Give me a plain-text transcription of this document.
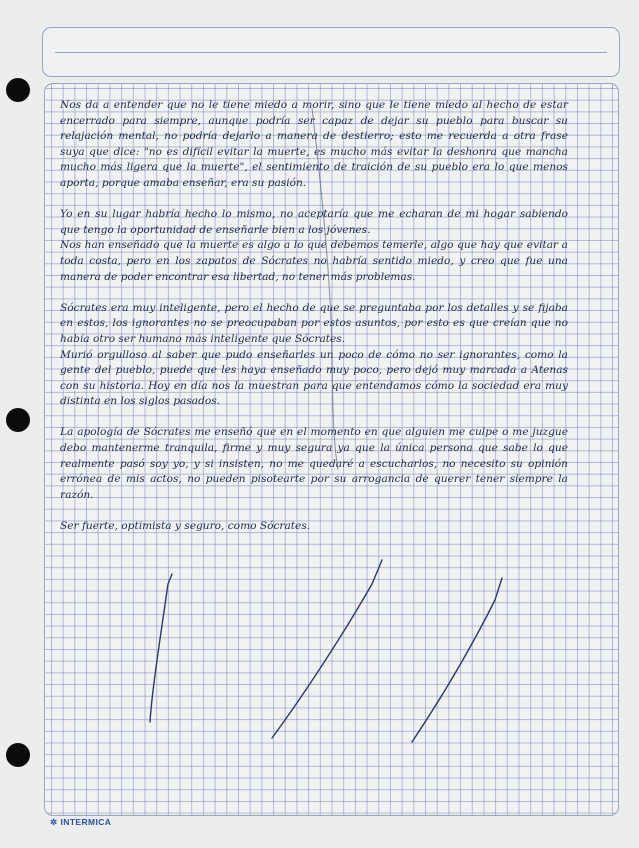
Nos da a entender que no le tiene miedo a morir, sino que le tiene miedo al hecho de estar encerrado para siempre, aunque podría ser capaz de dejar su pueblo para buscar su relajación mental, no podría dejarlo a manera de destierro; esto me recuerda a otra frase suya que dice: "no es difícil evitar la muerte, es mucho más evitar la deshonra que mancha mucho más ligera que la muerte", el sentimiento de traición de su pueblo era lo que menos aporta, porque amaba enseñar, era su pasión.

Yo en su lugar habría hecho lo mismo, no aceptaría que me echaran de mi hogar sabiendo que tengo la oportunidad de enseñarle bien a los jóvenes.

Nos han enseñado que la muerte es algo a lo que debemos temerle, algo que hay que evitar a toda costa, pero en los zapatos de Sócrates no habría sentido miedo, y creo que fue una manera de poder encontrar esa libertad, no tener más problemas.

Sócrates era muy inteligente, pero el hecho de que se preguntaba por los detalles y se fijaba en estos, los ignorantes no se preocupaban por estos asuntos, por esto es que creían que no había otro ser humano más inteligente que Sócrates.

Murió orgulloso al saber que pudo enseñarles un poco de cómo no ser ignorantes, como la gente del pueblo, puede que les haya enseñado muy poco, pero dejó muy marcada a Atenas con su historia. Hoy en día nos la muestran para que entendamos cómo la sociedad era muy distinta en los siglos pasados.

La apología de Sócrates me enseñó que en el momento en que alguien me culpe o me juzgue debo mantenerme tranquila, firme y muy segura ya que la única persona que sabe lo que realmente pasó soy yo, y si insisten, no me quedaré a escucharlos, no necesito su opinión errónea de mis actos, no pueden pisotearte por su arrogancia de querer tener siempre la razón.

Ser fuerte, optimista y seguro, como Sócrates.

✲ INTERMICA
